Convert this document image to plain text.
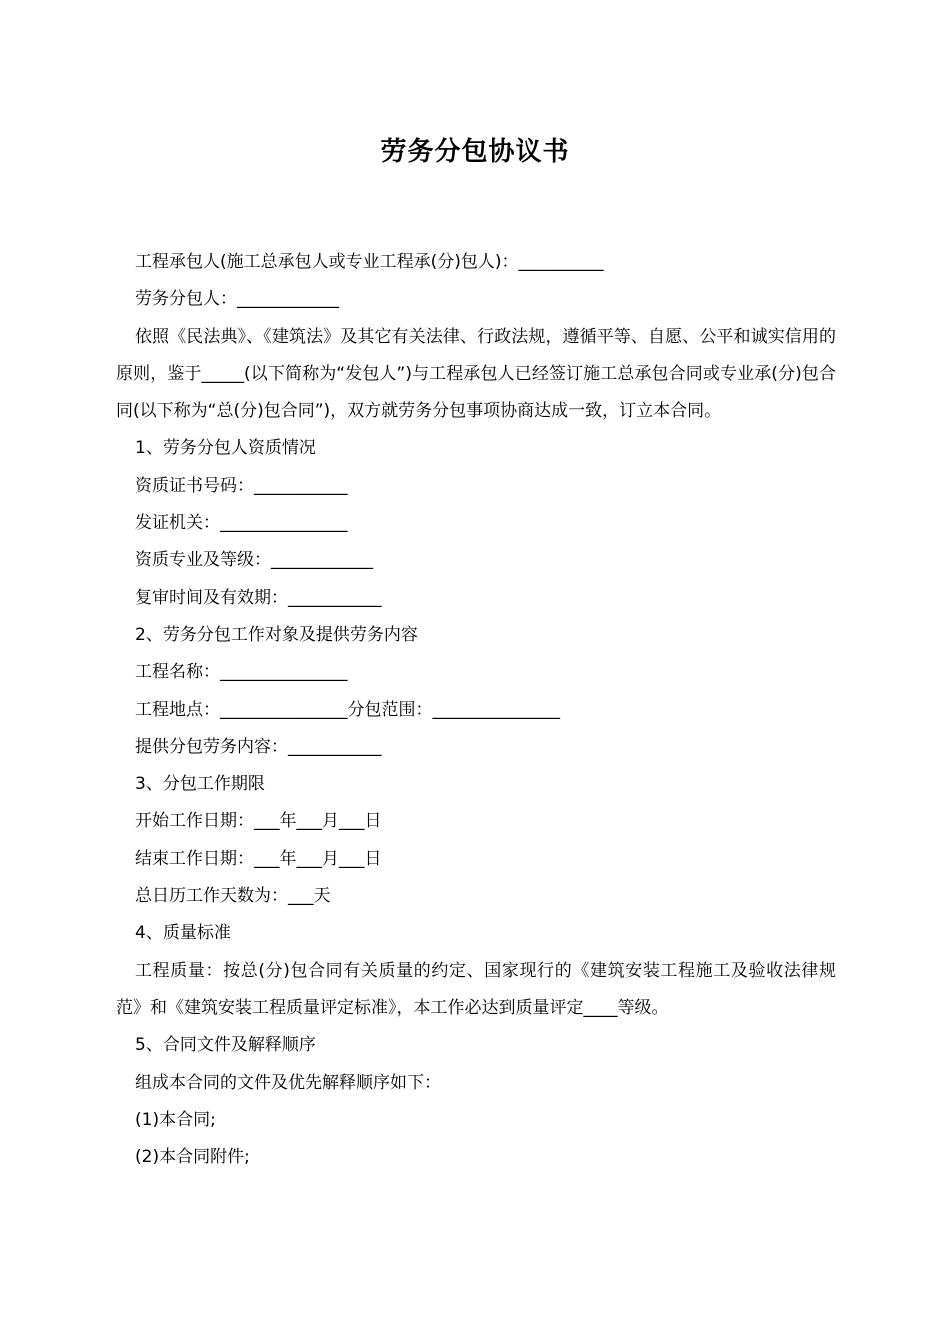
劳务分包协议书

工程承包人(施工总承包人或专业工程承(分)包人)：__________

劳务分包人：____________

依照《民法典》、《建筑法》及其它有关法律、行政法规，遵循平等、自愿、公平和诚实信用的原则，鉴于_____(以下简称为“发包人”)与工程承包人已经签订施工总承包合同或专业承(分)包合同(以下称为“总(分)包合同”)，双方就劳务分包事项协商达成一致，订立本合同。

1、劳务分包人资质情况

资质证书号码：___________

发证机关：_______________

资质专业及等级：____________

复审时间及有效期：___________

2、劳务分包工作对象及提供劳务内容

工程名称：_______________

工程地点：_______________分包范围：_______________

提供分包劳务内容：___________

3、分包工作期限

开始工作日期：___年___月___日

结束工作日期：___年___月___日

总日历工作天数为：___天

4、质量标准

工程质量：按总(分)包合同有关质量的约定、国家现行的《建筑安装工程施工及验收法律规范》和《建筑安装工程质量评定标准》，本工作必达到质量评定____等级。

5、合同文件及解释顺序

组成本合同的文件及优先解释顺序如下：

(1)本合同;

(2)本合同附件;
